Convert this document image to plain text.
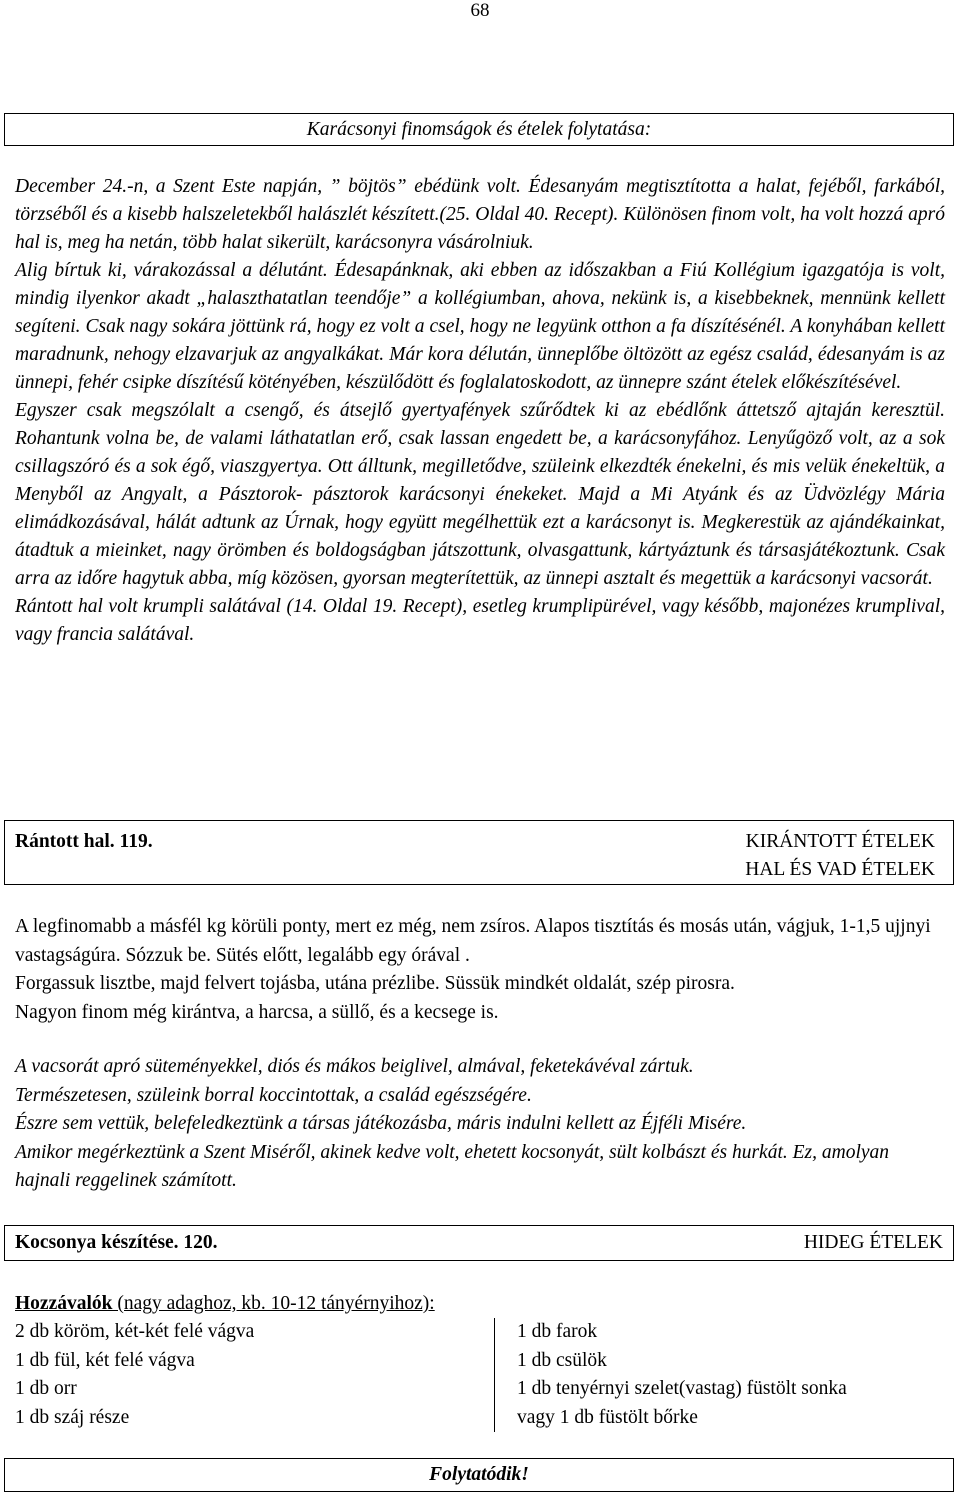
68

Karácsonyi finomságok és ételek folytatása:

December 24.-n, a Szent Este napján, ” böjtös” ebédünk volt. Édesanyám megtisztította a halat, fejéből, farkából, törzséből és a kisebb halszeletekből halászlét készített.(25. Oldal 40. Recept). Különösen finom volt, ha volt hozzá apró hal is, meg ha netán, több halat sikerült, karácsonyra vásárolniuk.

Alig bírtuk ki, várakozással a délutánt. Édesapánknak, aki ebben az időszakban a Fiú Kollégium igazgatója is volt, mindig ilyenkor akadt „halaszthatatlan teendője” a kollégiumban, ahova, nekünk is, a kisebbeknek, mennünk kellett segíteni. Csak nagy sokára jöttünk rá, hogy ez volt a csel, hogy ne legyünk otthon a fa díszítésénél. A konyhában kellett maradnunk, nehogy elzavarjuk az angyalkákat. Már kora délután, ünneplőbe öltözött az egész család, édesanyám is az ünnepi, fehér csipke díszítésű kötényében, készülődött és foglalatoskodott, az ünnepre szánt ételek előkészítésével.

Egyszer csak megszólalt a csengő, és átsejlő gyertyafények szűrődtek ki az ebédlőnk áttetsző ajtaján keresztül. Rohantunk volna be, de valami láthatatlan erő, csak lassan engedett be, a karácsonyfához. Lenyűgöző volt, az a sok csillagszóró és a sok égő, viaszgyertya. Ott álltunk, megilletődve, szüleink elkezdték énekelni, és mis velük énekeltük, a Menyből az Angyalt, a Pásztorok- pásztorok karácsonyi énekeket. Majd a Mi Atyánk és az Üdvözlégy Mária elimádkozásával, hálát adtunk az Úrnak, hogy együtt megélhettük ezt a karácsonyt is. Megkerestük az ajándékainkat, átadtuk a mieinket, nagy örömben és boldogságban játszottunk, olvasgattunk, kártyáztunk és társasjátékoztunk. Csak arra az időre hagytuk abba, míg közösen, gyorsan megterítettük, az ünnepi asztalt és megettük a karácsonyi vacsorát.

Rántott hal volt krumpli salátával (14. Oldal 19. Recept), esetleg krumplipürével, vagy később, majonézes krumplival, vagy francia salátával.

Rántott hal. 119.	KIRÁNTOTT ÉTELEK
HAL ÉS VAD ÉTELEK

A legfinomabb a másfél kg körüli ponty, mert ez még, nem zsíros. Alapos tisztítás és mosás után, vágjuk, 1-1,5 ujjnyi vastagságúra. Sózzuk be. Sütés előtt, legalább egy órával .

Forgassuk lisztbe, majd felvert tojásba, utána prézlibe. Süssük mindkét oldalát, szép pirosra.

Nagyon finom még kirántva, a harcsa, a süllő, és a kecsege is.

A vacsorát apró süteményekkel, diós és mákos beiglivel, almával, feketekávéval zártuk.

Természetesen, szüleink borral koccintottak, a család egészségére.

Észre sem vettük, belefeledkeztünk a társas játékozásba, máris indulni kellett az Éjféli Misére.

Amikor megérkeztünk a Szent Miséről, akinek kedve volt, ehetett kocsonyát, sült kolbászt és hurkát. Ez, amolyan hajnali reggelinek számított.

Kocsonya készítése. 120.	HIDEG ÉTELEK
Hozzávalók (nagy adaghoz, kb. 10-12 tányérnyihoz):
2 db köröm, két-két felé vágva	1 db farok
1 db fül, két felé vágva	1 db csülök
1 db orr	1 db tenyérnyi szelet(vastag) füstölt sonka
1 db száj része	vagy 1 db füstölt bőrke

Folytatódik!
